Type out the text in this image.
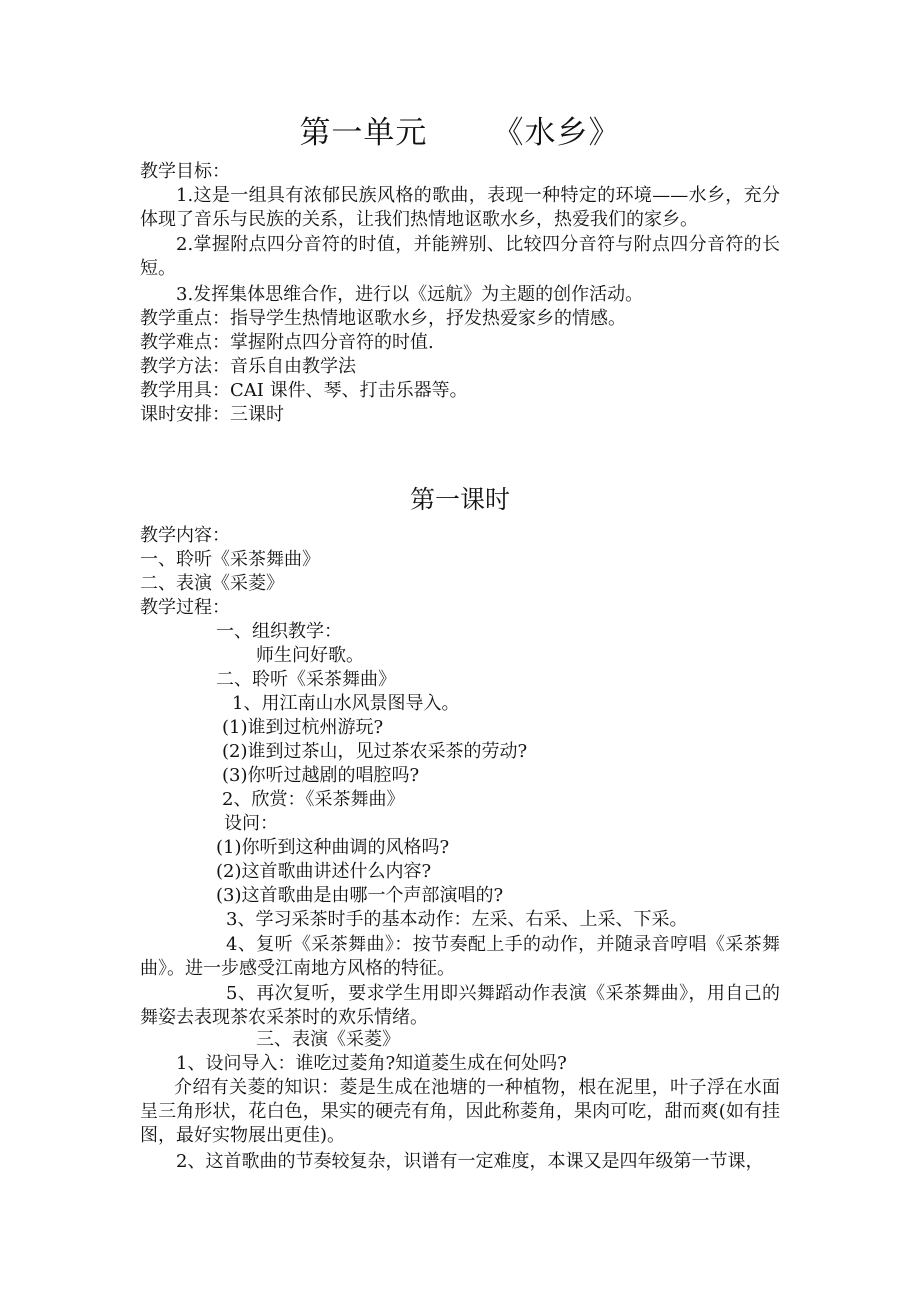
第一单元      《水乡》
教学目标：
1.这是一组具有浓郁民族风格的歌曲，表现一种特定的环境——水乡，充分体现了音乐与民族的关系，让我们热情地讴歌水乡，热爱我们的家乡。
2.掌握附点四分音符的时值，并能辨别、比较四分音符与附点四分音符的长短。
3.发挥集体思维合作，进行以《远航》为主题的创作活动。
教学重点：指导学生热情地讴歌水乡，抒发热爱家乡的情感。
教学难点：掌握附点四分音符的时值.
教学方法：音乐自由教学法
教学用具：CAI 课件、琴、打击乐器等。
课时安排：三课时
第一课时
教学内容：
一、聆听《采茶舞曲》
二、表演《采菱》
教学过程：
一、组织教学：
师生问好歌。
二、聆听《采茶舞曲》
1、用江南山水风景图导入。
(1)谁到过杭州游玩?
(2)谁到过茶山，见过茶农采茶的劳动?
(3)你听过越剧的唱腔吗?
2、欣赏：《采茶舞曲》
设问：
(1)你听到这种曲调的风格吗?
(2)这首歌曲讲述什么内容?
(3)这首歌曲是由哪一个声部演唱的?
3、学习采茶时手的基本动作：左采、右采、上采、下采。
4、复听《采茶舞曲》：按节奏配上手的动作，并随录音哼唱《采茶舞曲》。进一步感受江南地方风格的特征。
5、再次复听，要求学生用即兴舞蹈动作表演《采茶舞曲》，用自己的舞姿去表现茶农采茶时的欢乐情绪。
三、表演《采菱》
1、设问导入：谁吃过菱角?知道菱生成在何处吗?
介绍有关菱的知识：菱是生成在池塘的一种植物，根在泥里，叶子浮在水面呈三角形状，花白色，果实的硬壳有角，因此称菱角，果肉可吃，甜而爽(如有挂图，最好实物展出更佳)。
2、这首歌曲的节奏较复杂，识谱有一定难度，本课又是四年级第一节课，
